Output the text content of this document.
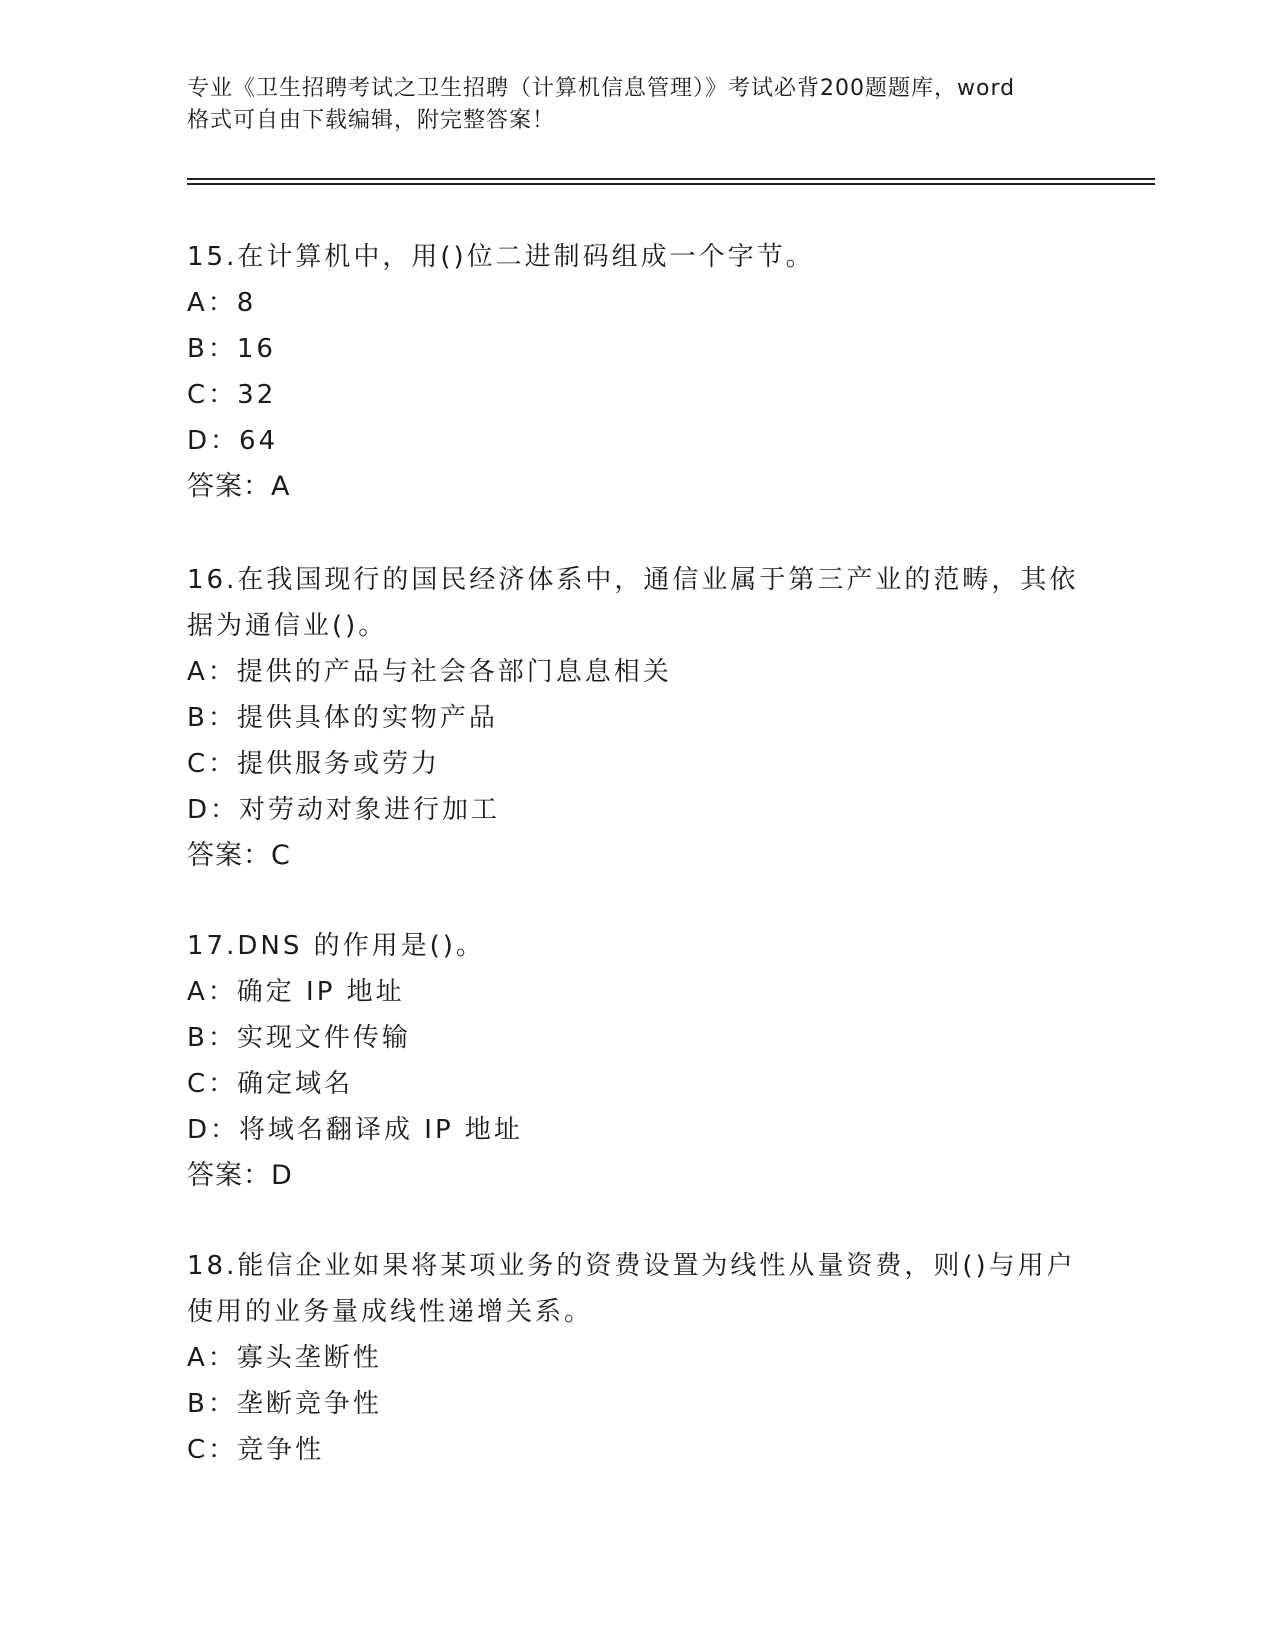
专业《卫生招聘考试之卫生招聘（计算机信息管理）》考试必背200题题库，word
格式可自由下载编辑，附完整答案！
15.在计算机中，用()位二进制码组成一个字节。
A：8
B：16
C：32
D：64
答案：A
16.在我国现行的国民经济体系中，通信业属于第三产业的范畴，其依
据为通信业()。
A：提供的产品与社会各部门息息相关
B：提供具体的实物产品
C：提供服务或劳力
D：对劳动对象进行加工
答案：C
17.DNS 的作用是()。
A：确定 IP 地址
B：实现文件传输
C：确定域名
D：将域名翻译成 IP 地址
答案：D
18.能信企业如果将某项业务的资费设置为线性从量资费，则()与用户
使用的业务量成线性递增关系。
A：寡头垄断性
B：垄断竞争性
C：竞争性
